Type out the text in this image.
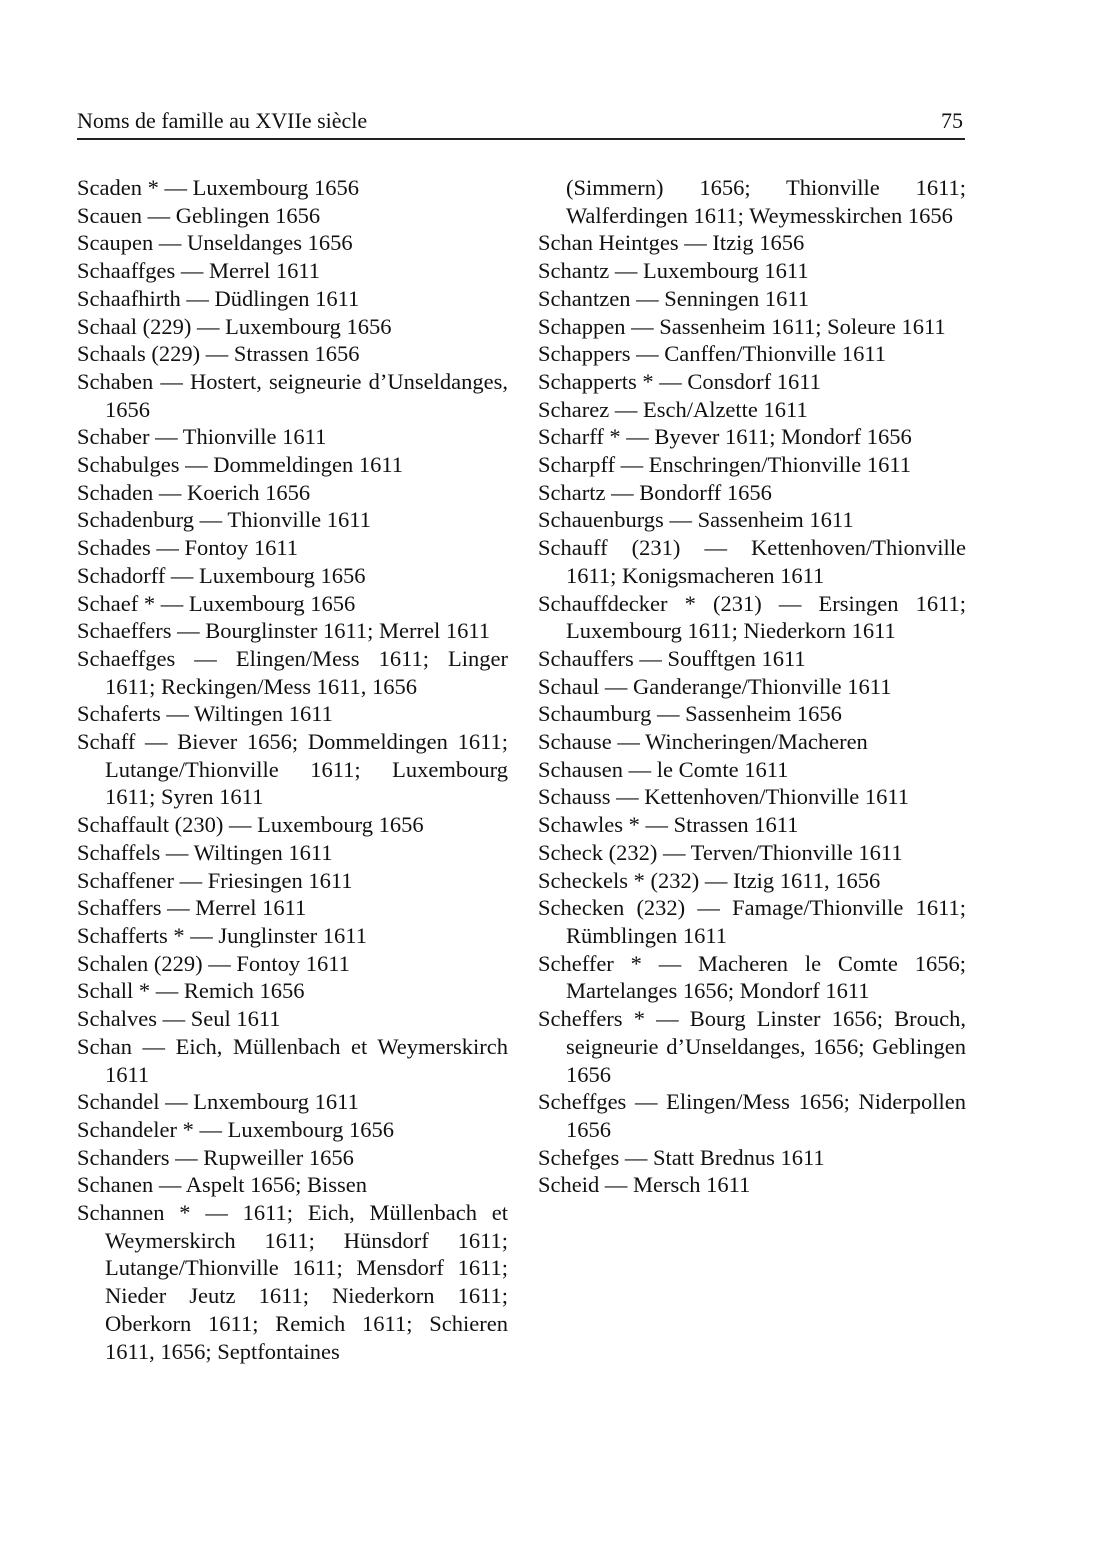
Noms de famille au XVIIe siècle	75

Scaden * — Luxembourg 1656

Scauen — Geblingen 1656

Scaupen — Unseldanges 1656

Schaaffges — Merrel 1611

Schaafhirth — Düdlingen 1611

Schaal (229) — Luxembourg 1656

Schaals (229) — Strassen 1656

Schaben — Hostert, seigneurie d’Unseldanges, 1656

Schaber — Thionville 1611

Schabulges — Dommeldingen 1611

Schaden — Koerich 1656

Schadenburg — Thionville 1611

Schades — Fontoy 1611

Schadorff — Luxembourg 1656

Schaef * — Luxembourg 1656

Schaeffers — Bourglinster 1611; Merrel 1611

Schaeffges — Elingen/Mess 1611; Linger 1611; Reckingen/Mess 1611, 1656

Schaferts — Wiltingen 1611

Schaff — Biever 1656; Dommeldingen 1611; Lutange/Thionville 1611; Luxembourg 1611; Syren 1611

Schaffault (230) — Luxembourg 1656

Schaffels — Wiltingen 1611

Schaffener — Friesingen 1611

Schaffers — Merrel 1611

Schafferts * — Junglinster 1611

Schalen (229) — Fontoy 1611

Schall * — Remich 1656

Schalves — Seul 1611

Schan — Eich, Müllenbach et Weymerskirch 1611

Schandel — Lnxembourg 1611

Schandeler * — Luxembourg 1656

Schanders — Rupweiller 1656

Schanen — Aspelt 1656; Bissen

Schannen * — 1611; Eich, Müllenbach et Weymerskirch 1611; Hünsdorf 1611; Lutange/Thionville 1611; Mensdorf 1611; Nieder Jeutz 1611; Niederkorn 1611; Oberkorn 1611; Remich 1611; Schieren 1611, 1656; Septfontaines

(Simmern) 1656; Thionville 1611; Walferdingen 1611; Weymesskirchen 1656

Schan Heintges — Itzig 1656

Schantz — Luxembourg 1611

Schantzen — Senningen 1611

Schappen — Sassenheim 1611; Soleure 1611

Schappers — Canffen/Thionville 1611

Schapperts * — Consdorf 1611

Scharez — Esch/Alzette 1611

Scharff * — Byever 1611; Mondorf 1656

Scharpff — Enschringen/Thionville 1611

Schartz — Bondorff 1656

Schauenburgs — Sassenheim 1611

Schauff (231) — Kettenhoven/Thionville 1611; Konigsmacheren 1611

Schauffdecker * (231) — Ersingen 1611; Luxembourg 1611; Niederkorn 1611

Schauffers — Soufftgen 1611

Schaul — Ganderange/Thionville 1611

Schaumburg — Sassenheim 1656

Schause — Wincheringen/Macheren

Schausen — le Comte 1611

Schauss — Kettenhoven/Thionville 1611

Schawles * — Strassen 1611

Scheck (232) — Terven/Thionville 1611

Scheckels * (232) — Itzig 1611, 1656

Schecken (232) — Famage/Thionville 1611; Rümblingen 1611

Scheffer * — Macheren le Comte 1656; Martelanges 1656; Mondorf 1611

Scheffers * — Bourg Linster 1656; Brouch, seigneurie d’Unseldanges, 1656; Geblingen 1656

Scheffges — Elingen/Mess 1656; Niderpollen 1656

Schefges — Statt Brednus 1611

Scheid — Mersch 1611
